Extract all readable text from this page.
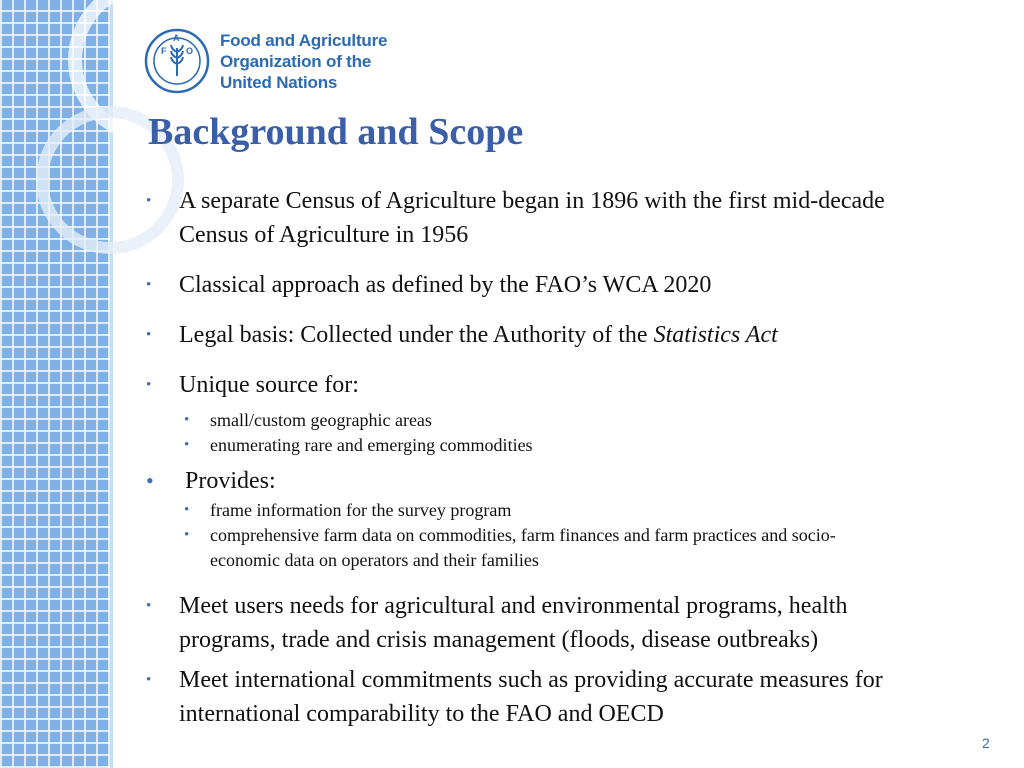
F
A
O
Food and Agriculture
Organization of the
United Nations
Background and Scope
• A separate Census of Agriculture began in 1896 with the first mid-decade
Census of Agriculture in 1956
• Classical approach as defined by the FAO’s WCA 2020
• Legal basis: Collected under the Authority of the Statistics Act
• Unique source for:
• small/custom geographic areas
• enumerating rare and emerging commodities
• Provides:
• frame information for the survey program
• comprehensive farm data on commodities, farm finances and farm practices and socio-
economic data on operators and their families
• Meet users needs for agricultural and environmental programs, health
programs, trade and crisis management (floods, disease outbreaks)
• Meet international commitments such as providing accurate measures for
international comparability to the FAO and OECD
2
